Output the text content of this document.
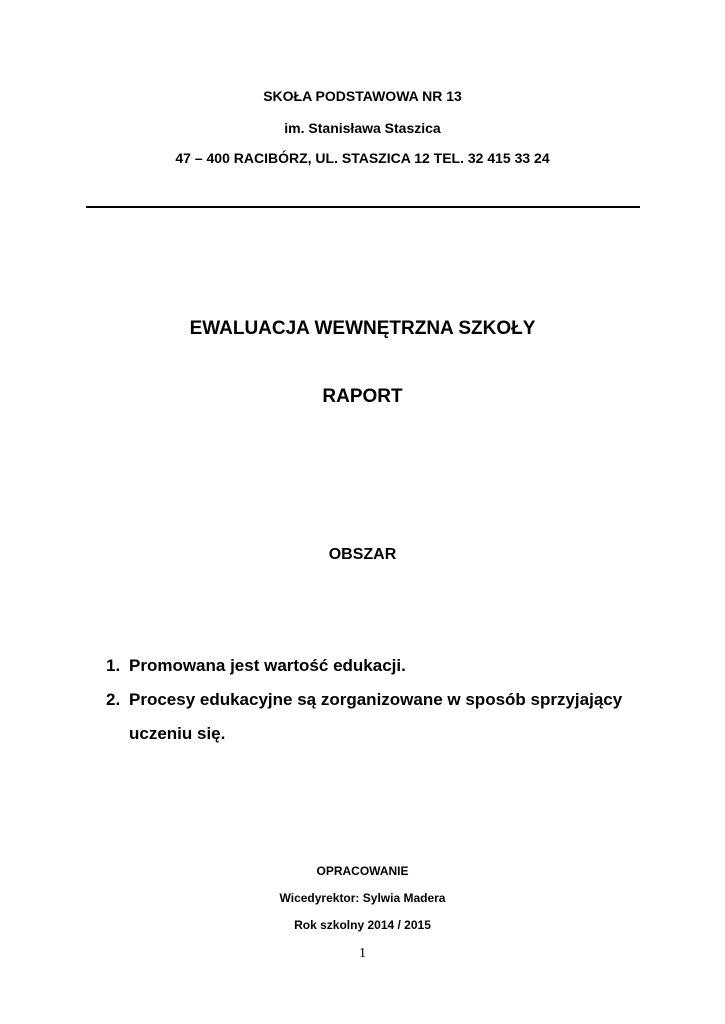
SKOŁA PODSTAWOWA NR 13
im. Stanisława Staszica
47 – 400 RACIBÓRZ, UL. STASZICA 12 TEL. 32 415 33 24
EWALUACJA WEWNĘTRZNA SZKOŁY
RAPORT
OBSZAR
1. Promowana jest wartość edukacji.
2. Procesy edukacyjne są zorganizowane w sposób sprzyjający uczeniu się.
OPRACOWANIE
Wicedyrektor: Sylwia Madera
Rok szkolny 2014 / 2015
1
